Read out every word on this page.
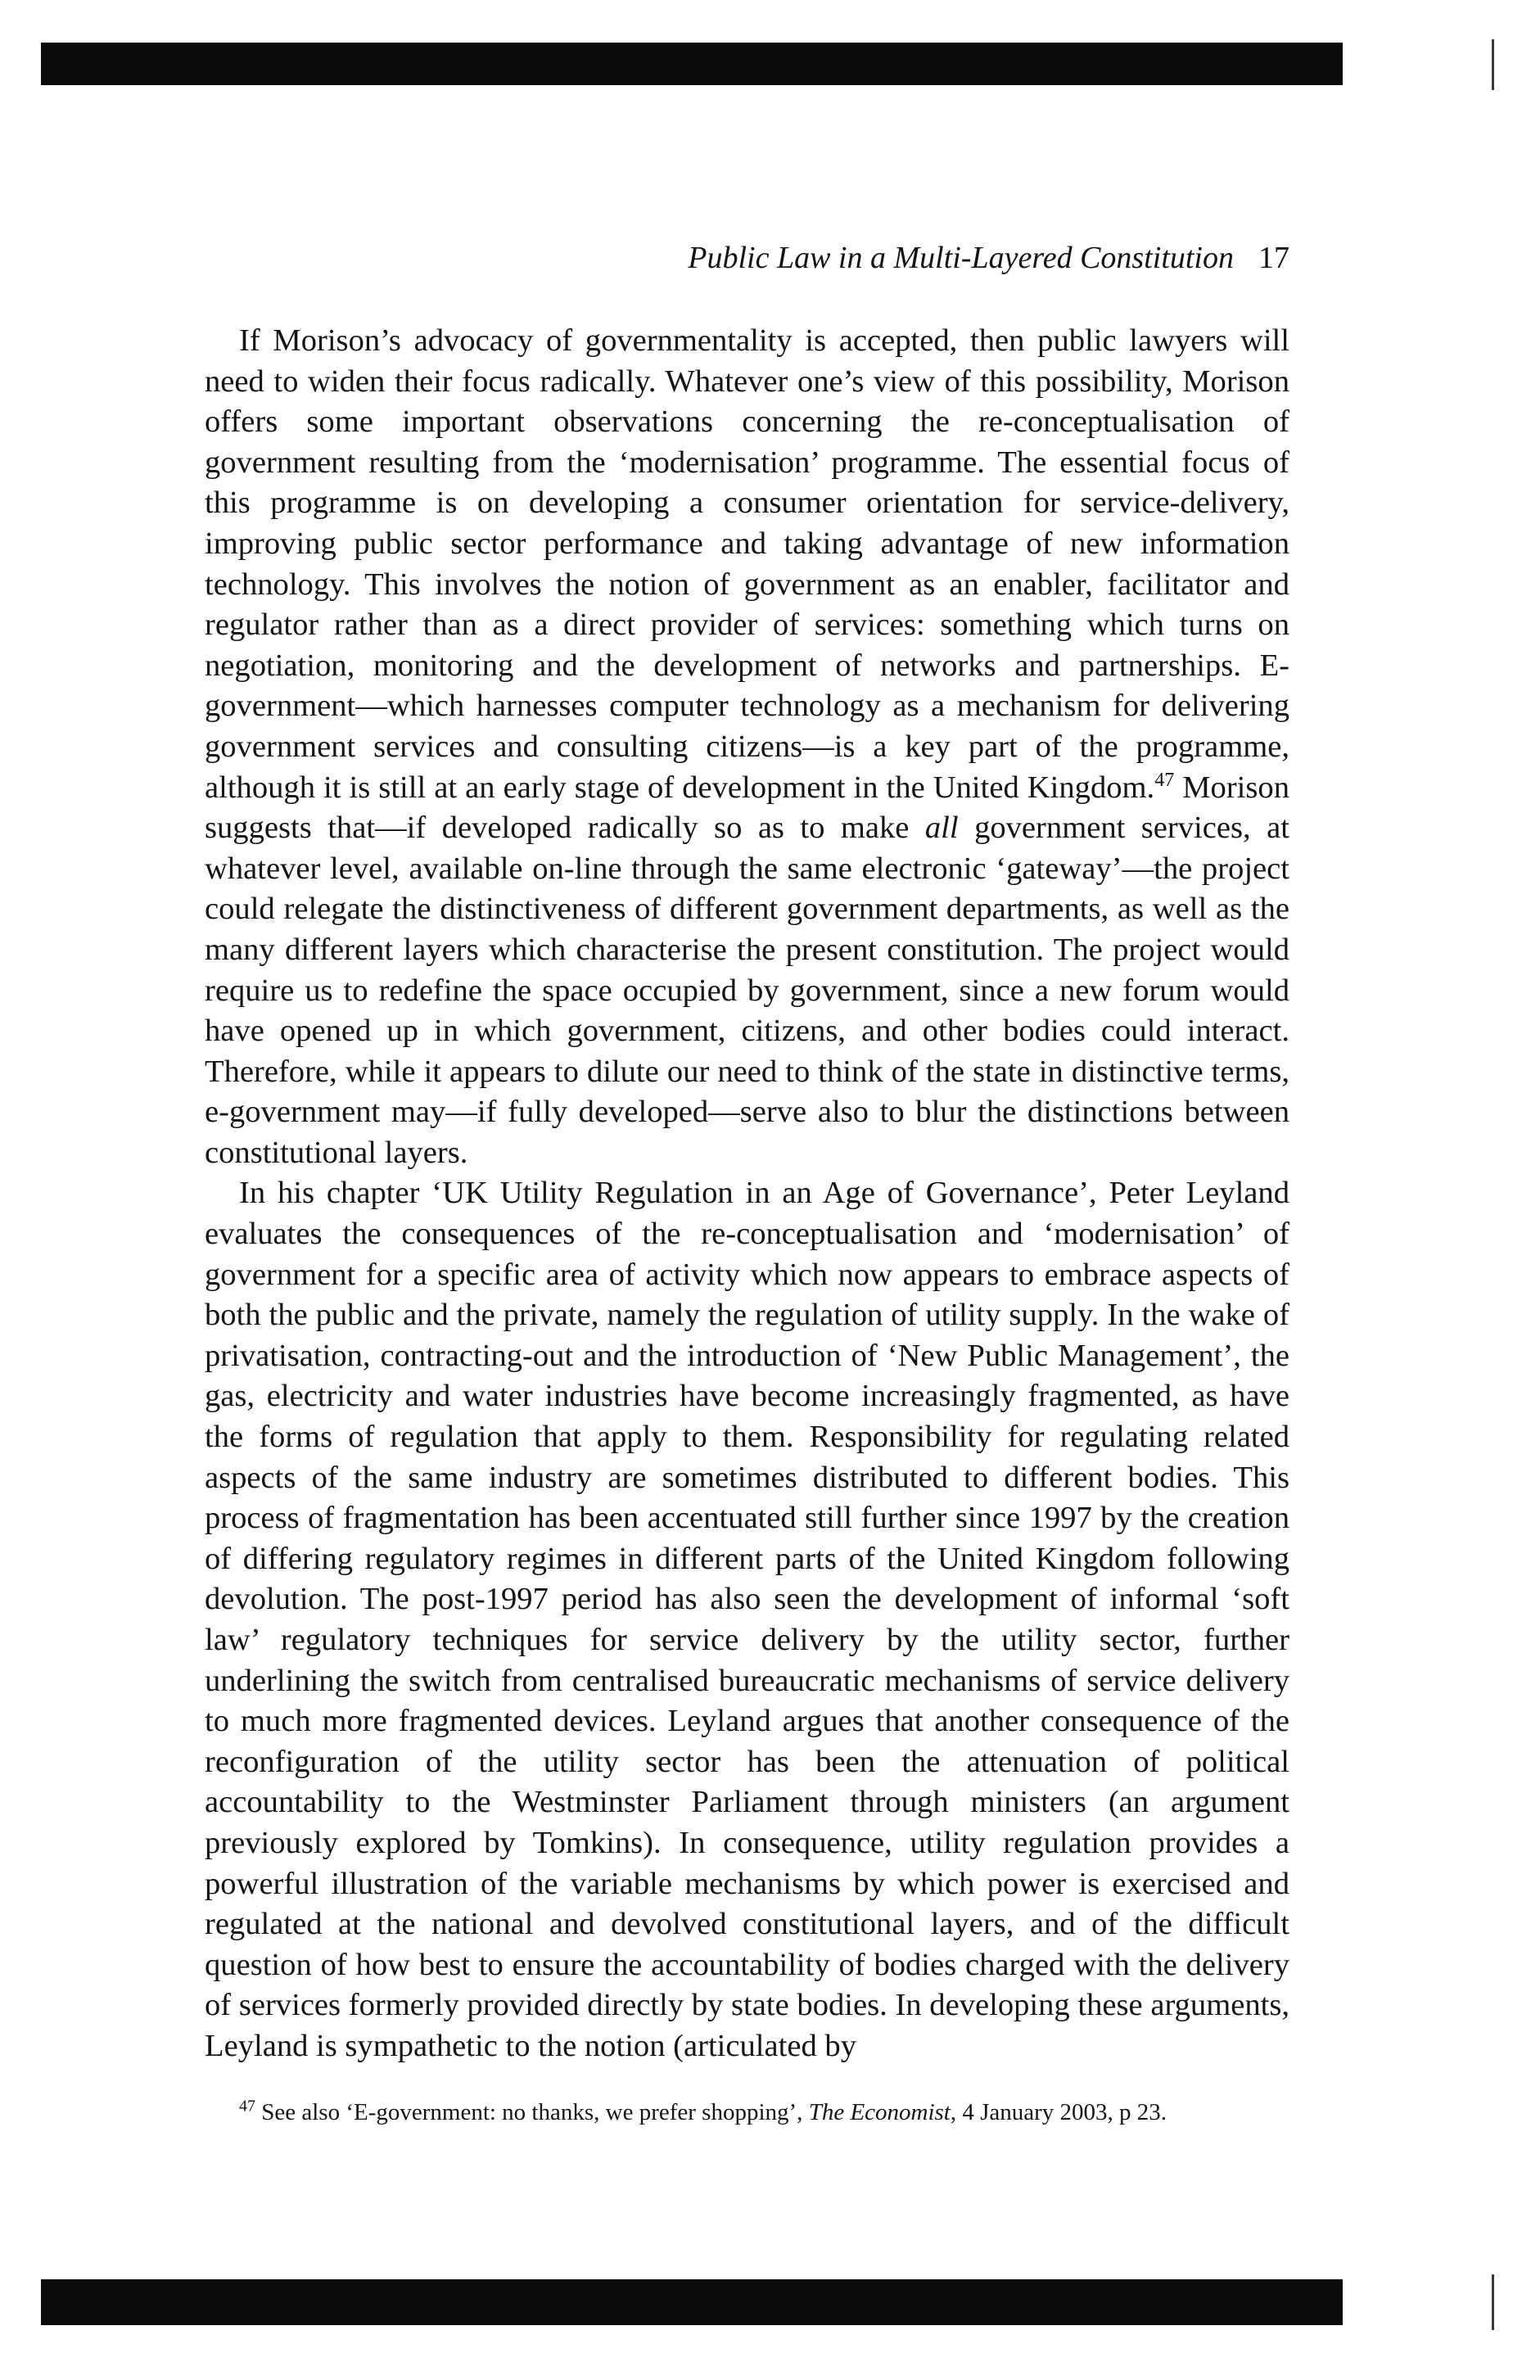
Public Law in a Multi-Layered Constitution 17

If Morison’s advocacy of governmentality is accepted, then public lawyers will need to widen their focus radically. Whatever one’s view of this possibility, Morison offers some important observations concerning the re-conceptualisation of government resulting from the ‘modernisation’ programme. The essential focus of this programme is on developing a consumer orientation for service-delivery, improving public sector performance and taking advantage of new information technology. This involves the notion of government as an enabler, facilitator and regulator rather than as a direct provider of services: something which turns on negotiation, monitoring and the development of networks and partnerships. E-government—which harnesses computer technology as a mechanism for delivering government services and consulting citizens—is a key part of the programme, although it is still at an early stage of development in the United Kingdom.$^{47}$ Morison suggests that—if developed radically so as to make all government services, at whatever level, available on-line through the same electronic ‘gateway’—the project could relegate the distinctiveness of different government departments, as well as the many different layers which characterise the present constitution. The project would require us to redefine the space occupied by government, since a new forum would have opened up in which government, citizens, and other bodies could interact. Therefore, while it appears to dilute our need to think of the state in distinctive terms, e-government may—if fully developed—serve also to blur the distinctions between constitutional layers.

In his chapter ‘UK Utility Regulation in an Age of Governance’, Peter Leyland evaluates the consequences of the re-conceptualisation and ‘modernisation’ of government for a specific area of activity which now appears to embrace aspects of both the public and the private, namely the regulation of utility supply. In the wake of privatisation, contracting-out and the introduction of ‘New Public Management’, the gas, electricity and water industries have become increasingly fragmented, as have the forms of regulation that apply to them. Responsibility for regulating related aspects of the same industry are sometimes distributed to different bodies. This process of fragmentation has been accentuated still further since 1997 by the creation of differing regulatory regimes in different parts of the United Kingdom following devolution. The post-1997 period has also seen the development of informal ‘soft law’ regulatory techniques for service delivery by the utility sector, further underlining the switch from centralised bureaucratic mechanisms of service delivery to much more fragmented devices. Leyland argues that another consequence of the reconfiguration of the utility sector has been the attenuation of political accountability to the Westminster Parliament through ministers (an argument previously explored by Tomkins). In consequence, utility regulation provides a powerful illustration of the variable mechanisms by which power is exercised and regulated at the national and devolved constitutional layers, and of the difficult question of how best to ensure the accountability of bodies charged with the delivery of services formerly provided directly by state bodies. In developing these arguments, Leyland is sympathetic to the notion (articulated by

$^{47}$ See also ‘E-government: no thanks, we prefer shopping’, The Economist, 4 January 2003, p 23.
